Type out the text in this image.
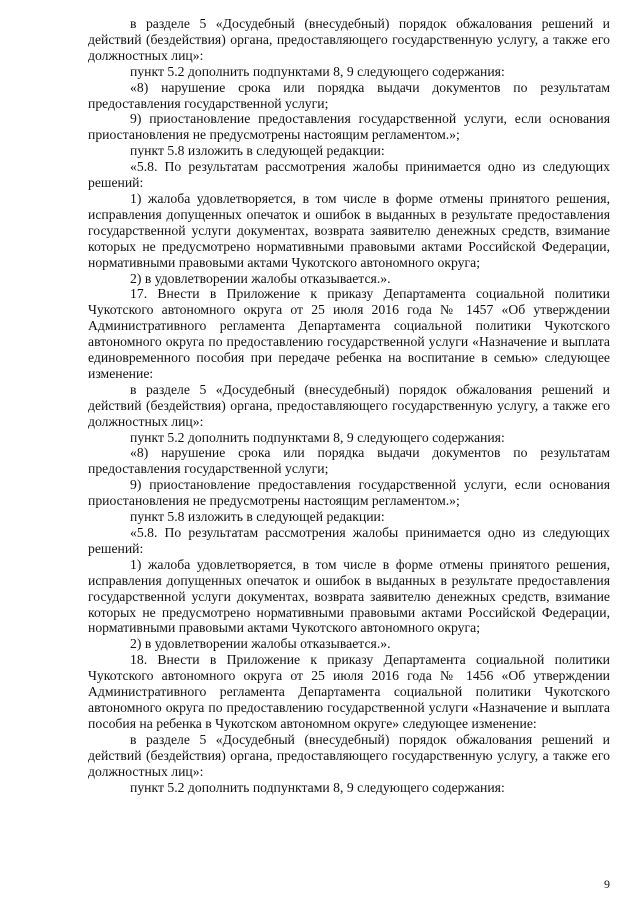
в разделе 5 «Досудебный (внесудебный) порядок обжалования решений и действий (бездействия) органа, предоставляющего государственную услугу, а также его должностных лиц»:

пункт 5.2 дополнить подпунктами 8, 9 следующего содержания:

«8) нарушение срока или порядка выдачи документов по результатам предоставления государственной услуги;

9) приостановление предоставления государственной услуги, если основания приостановления не предусмотрены настоящим регламентом.»;

пункт 5.8 изложить в следующей редакции:

«5.8. По результатам рассмотрения жалобы принимается одно из следующих решений:

1) жалоба удовлетворяется, в том числе в форме отмены принятого решения, исправления допущенных опечаток и ошибок в выданных в результате предоставления государственной услуги документах, возврата заявителю денежных средств, взимание которых не предусмотрено нормативными правовыми актами Российской Федерации, нормативными правовыми актами Чукотского автономного округа;

2) в удовлетворении жалобы отказывается.».

17. Внести в Приложение к приказу Департамента социальной политики Чукотского автономного округа от 25 июля 2016 года № 1457 «Об утверждении Административного регламента Департамента социальной политики Чукотского автономного округа по предоставлению государственной услуги «Назначение и выплата единовременного пособия при передаче ребенка на воспитание в семью» следующее изменение:

в разделе 5 «Досудебный (внесудебный) порядок обжалования решений и действий (бездействия) органа, предоставляющего государственную услугу, а также его должностных лиц»:

пункт 5.2 дополнить подпунктами 8, 9 следующего содержания:

«8) нарушение срока или порядка выдачи документов по результатам предоставления государственной услуги;

9) приостановление предоставления государственной услуги, если основания приостановления не предусмотрены настоящим регламентом.»;

пункт 5.8 изложить в следующей редакции:

«5.8. По результатам рассмотрения жалобы принимается одно из следующих решений:

1) жалоба удовлетворяется, в том числе в форме отмены принятого решения, исправления допущенных опечаток и ошибок в выданных в результате предоставления государственной услуги документах, возврата заявителю денежных средств, взимание которых не предусмотрено нормативными правовыми актами Российской Федерации, нормативными правовыми актами Чукотского автономного округа;

2) в удовлетворении жалобы отказывается.».

18. Внести в Приложение к приказу Департамента социальной политики Чукотского автономного округа от 25 июля 2016 года № 1456 «Об утверждении Административного регламента Департамента социальной политики Чукотского автономного округа по предоставлению государственной услуги «Назначение и выплата пособия на ребенка в Чукотском автономном округе» следующее изменение:

в разделе 5 «Досудебный (внесудебный) порядок обжалования решений и действий (бездействия) органа, предоставляющего государственную услугу, а также его должностных лиц»:

пункт 5.2 дополнить подпунктами 8, 9 следующего содержания:

9
